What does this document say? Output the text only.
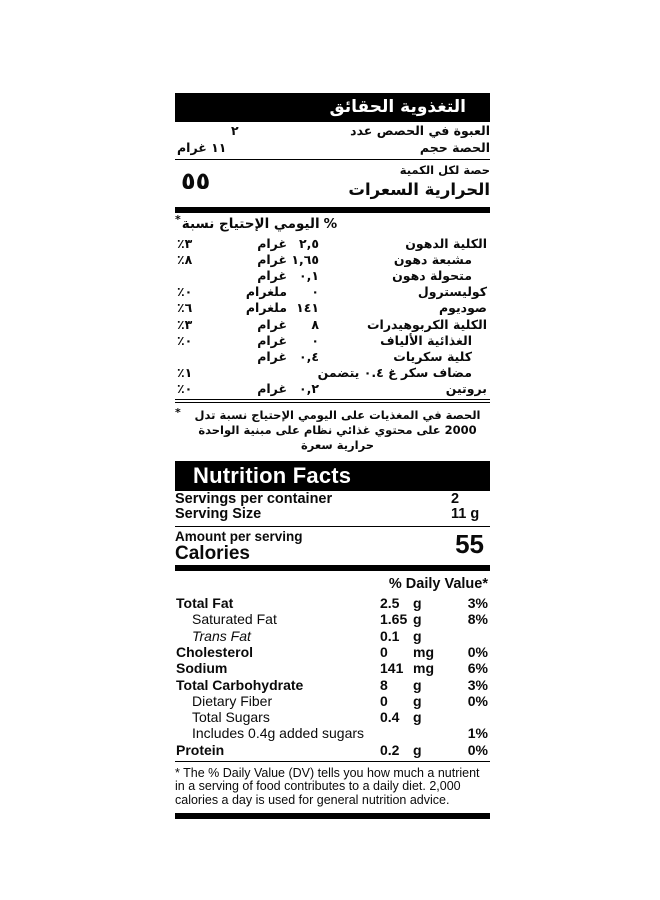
الحقائق التغذوية
٢	عدد الحصص في العبوة
١١ غرام	حجم الحصة
الكمية لكل حصة
السعرات الحرارية
٥٥
* نسبة الإحتياج اليومي %
٪٣	غرام ٢,٥	الدهون الكلية
٪٨	غرام ١,٦٥	دهون مشبعة
غرام ٠,١	دهون متحولة
٪٠	ملغرام	٠	كوليسترول
٪٦	ملغرام ١٤١	صوديوم
٪٣	غرام	٨	الكربوهيدرات الكلية
٪٠	غرام	٠	الألياف الغذائية
غرام ٠,٤	سكريات كلية
٪١	يتضمن ٠.٤ غ سكر مضاف
٪٠	غرام ٠,٢	بروتين
*	تدل نسبة الإحتياج اليومي على المغذيات في الحصة الواحدة مبنية على نظام غذائي محتوي على 2000 سعرة حرارية
Nutrition Facts
Servings per container	2
Serving Size	11 g
Amount per serving
Calories	55
% Daily Value*
Total Fat	2.5 g	3%
Saturated Fat	1.65 g	8%
Trans Fat	0.1 g
Cholesterol	0	mg	0%
Sodium	141 mg	6%
Total Carbohydrate	8	g	3%
Dietary Fiber	0	g	0%
Total Sugars	0.4 g
Includes 0.4g added sugars	1%
Protein	0.2 g	0%
* The % Daily Value (DV) tells you how much a nutrient in a serving of food contributes to a daily diet. 2,000 calories a day is used for general nutrition advice.
